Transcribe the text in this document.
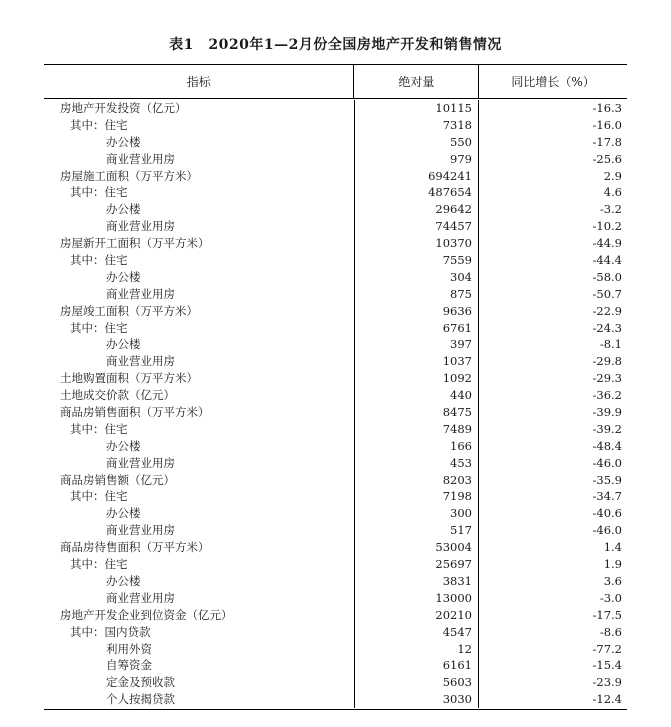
表1　2020年1—2月份全国房地产开发和销售情况
指标	绝对量	同比增长（%）
房地产开发投资（亿元）	10115	-16.3
其中：住宅	7318	-16.0
办公楼	550	-17.8
商业营业用房	979	-25.6
房屋施工面积（万平方米）	694241	2.9
其中：住宅	487654	4.6
办公楼	29642	-3.2
商业营业用房	74457	-10.2
房屋新开工面积（万平方米）	10370	-44.9
其中：住宅	7559	-44.4
办公楼	304	-58.0
商业营业用房	875	-50.7
房屋竣工面积（万平方米）	9636	-22.9
其中：住宅	6761	-24.3
办公楼	397	-8.1
商业营业用房	1037	-29.8
土地购置面积（万平方米）	1092	-29.3
土地成交价款（亿元）	440	-36.2
商品房销售面积（万平方米）	8475	-39.9
其中：住宅	7489	-39.2
办公楼	166	-48.4
商业营业用房	453	-46.0
商品房销售额（亿元）	8203	-35.9
其中：住宅	7198	-34.7
办公楼	300	-40.6
商业营业用房	517	-46.0
商品房待售面积（万平方米）	53004	1.4
其中：住宅	25697	1.9
办公楼	3831	3.6
商业营业用房	13000	-3.0
房地产开发企业到位资金（亿元）	20210	-17.5
其中：国内贷款	4547	-8.6
利用外资	12	-77.2
自筹资金	6161	-15.4
定金及预收款	5603	-23.9
个人按揭贷款	3030	-12.4
